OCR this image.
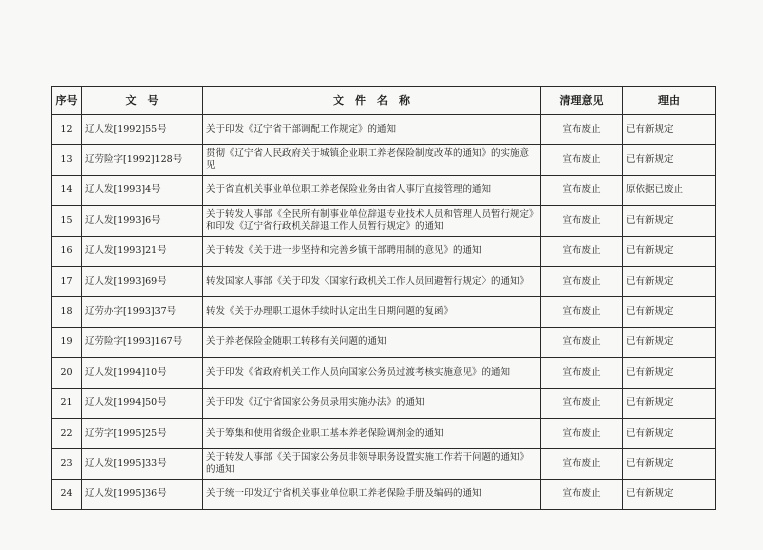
序号	文　号	文　件　名　称	清理意见	理由
12	辽人发[1992]55号	关于印发《辽宁省干部调配工作规定》的通知	宣布废止	已有新规定
13	辽劳险字[1992]128号	贯彻《辽宁省人民政府关于城镇企业职工养老保险制度改革的通知》的实施意见	宣布废止	已有新规定
14	辽人发[1993]4号	关于省直机关事业单位职工养老保险业务由省人事厅直接管理的通知	宣布废止	原依据已废止
15	辽人发[1993]6号	关于转发人事部《全民所有制事业单位辞退专业技术人员和管理人员暂行规定》和印发《辽宁省行政机关辞退工作人员暂行规定》的通知	宣布废止	已有新规定
16	辽人发[1993]21号	关于转发《关于进一步坚持和完善乡镇干部聘用制的意见》的通知	宣布废止	已有新规定
17	辽人发[1993]69号	转发国家人事部《关于印发〈国家行政机关工作人员回避暂行规定〉的通知》	宣布废止	已有新规定
18	辽劳办字[1993]37号	转发《关于办理职工退休手续时认定出生日期问题的复函》	宣布废止	已有新规定
19	辽劳险字[1993]167号	关于养老保险金随职工转移有关问题的通知	宣布废止	已有新规定
20	辽人发[1994]10号	关于印发《省政府机关工作人员向国家公务员过渡考核实施意见》的通知	宣布废止	已有新规定
21	辽人发[1994]50号	关于印发《辽宁省国家公务员录用实施办法》的通知	宣布废止	已有新规定
22	辽劳字[1995]25号	关于筹集和使用省级企业职工基本养老保险调剂金的通知	宣布废止	已有新规定
23	辽人发[1995]33号	关于转发人事部《关于国家公务员非领导职务设置实施工作若干问题的通知》的通知	宣布废止	已有新规定
24	辽人发[1995]36号	关于统一印发辽宁省机关事业单位职工养老保险手册及编码的通知	宣布废止	已有新规定
